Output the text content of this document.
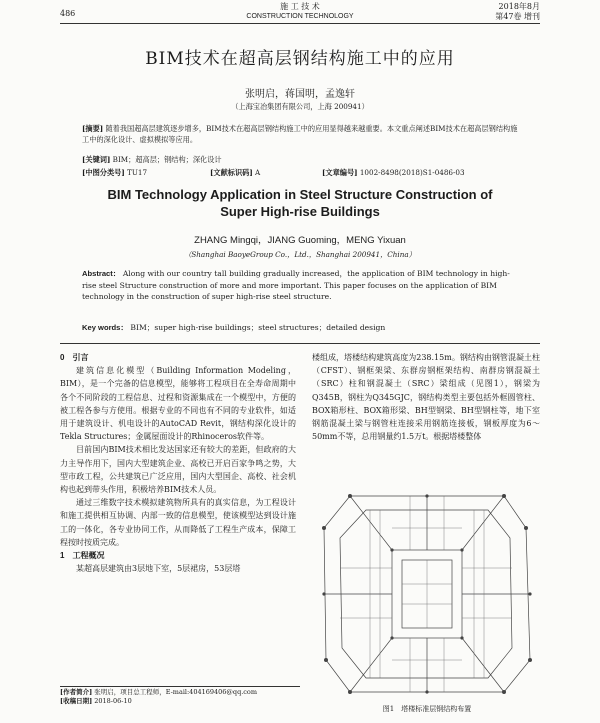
486
施 工 技 术
CONSTRUCTION TECHNOLOGY
2018年8月
第47卷 增刊
BIM技术在超高层钢结构施工中的应用
张明启，蒋国明，孟逸轩
（上海宝冶集团有限公司，上海 200941）
[摘要] 随着我国超高层建筑逐步增多，BIM技术在超高层钢结构施工中的应用显得越来越重要。本文重点阐述BIM技术在超高层钢结构施工中的深化设计、虚拟模拟等应用。
[关键词] BIM；超高层；钢结构；深化设计
[中图分类号] TU17	[文献标识码] A	[文章编号] 1002-8498(2018)S1-0486-03
BIM Technology Application in Steel Structure Construction of
Super High-rise Buildings
ZHANG Mingqi，JIANG Guoming，MENG Yixuan
（Shanghai BaoyeGroup Co.，Ltd.，Shanghai 200941，China）
Abstract： Along with our country tall building gradually increased，the application of BIM technology in high-rise steel Structure construction of more and more important. This paper focuses on the application of BIM technology in the construction of super high-rise steel structure.
Key words： BIM；super high-rise buildings；steel structures；detailed design

0　引言

建筑信息化模型（Building Information Modeling，BIM），是一个完备的信息模型，能够将工程项目在全寿命周期中各个不同阶段的工程信息、过程和资源集成在一个模型中，方便的被工程各参与方使用。根据专业的不同也有不同的专业软件，如适用于建筑设计、机电设计的AutoCAD Revit，钢结构深化设计的Tekla Structures；金属屋面设计的Rhinoceros软件等。

目前国内BIM技术相比发达国家还有较大的差距，但政府的大力主导作用下，国内大型建筑企业、高校已开启百家争鸣之势，大型市政工程，公共建筑已广泛应用，国内大型国企、高校、社会机构也起到带头作用，积极培养BIM技术人员。

通过三维数字技术模拟建筑物所具有的真实信息，为工程设计和施工提供相互协调、内部一致的信息模型，使该模型达到设计施工的一体化，各专业协同工作，从而降低了工程生产成本，保障工程按时按质完成。

1　工程概况

某超高层建筑由3层地下室，5层裙房，53层塔

楼组成，塔楼结构建筑高度为238.15m。钢结构由钢管混凝土柱（CFST）、钢框架梁、东群房钢框架结构、南群房钢混凝土（SRC）柱和钢混凝土（SRC）梁组成（见图1），钢梁为Q345B，钢柱为Q345GJC，钢结构类型主要包括外框圆管柱、BOX箱形柱、BOX箱形梁、BH型钢梁、BH型钢柱等，地下室钢筋混凝土梁与钢管柱连接采用钢筋连接板，钢板厚度为6～50mm不等，总用钢量约1.5万t。根据塔楼整体

图1　塔楼标准层钢结构布置
[作者简介] 张明启，项目总工程师，E-mail:404169406@qq.com
[收稿日期] 2018-06-10
